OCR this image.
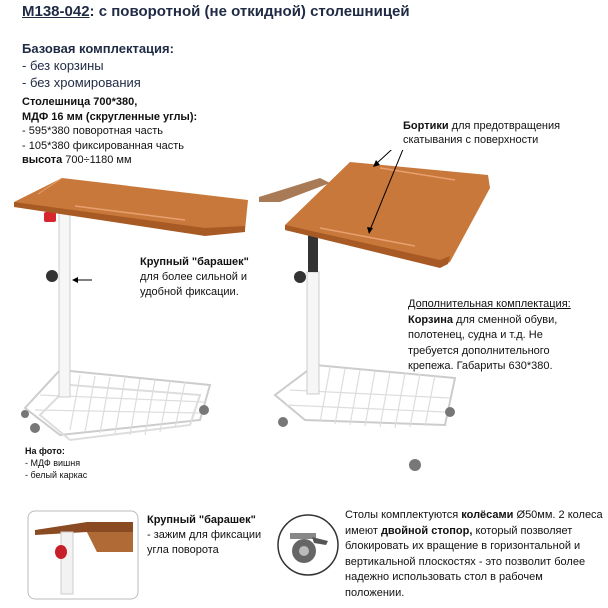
М138-042: с поворотной (не откидной) столешницей
Базовая комплектация:
- без корзины
- без хромирования
Столешница 700*380,
МДФ 16 мм (скругленные углы):
- 595*380 поворотная часть
- 105*380 фиксированная часть
высота 700÷1180 мм
Бортики для предотвращения
скатывания с поверхности
Крупный "барашек"
для более сильной и
удобной фиксации.
Дополнительная комплектация:
Корзина для сменной обуви,
полотенец, судна и т.д. Не
требуется дополнительного
крепежа. Габариты 630*380.
На фото:
- МДФ вишня
- белый каркас
Крупный "барашек"
- зажим для фиксации
угла поворота
Столы комплектуются колёсами Ø50мм. 2 колеса
имеют двойной стопор, который позволяет
блокировать их вращение в горизонтальной и
вертикальной плоскостях - это позволит более
надежно использовать стол в рабочем
положении.
